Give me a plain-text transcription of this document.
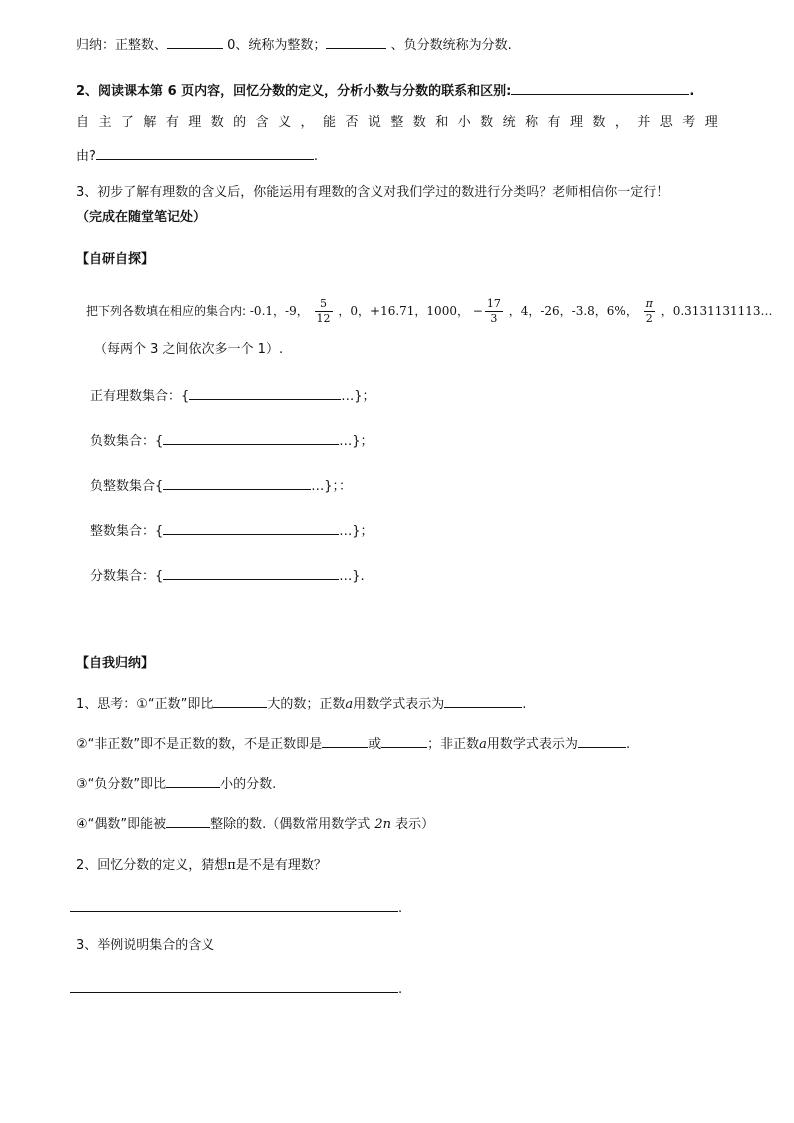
归纳：正整数、	0、统称为整数；	、负分数统称为分数.
2、阅读课本第 6 页内容，回忆分数的定义，分析小数与分数的联系和区别:	.
自 主 了 解 有 理 数 的 含 义 ， 能 否 说 整 数 和 小 数 统 称 有 理 数 ， 并 思 考 理
由?	.
3、初步了解有理数的含义后，你能运用有理数的含义对我们学过的数进行分类吗？老师相信你一定行！
（完成在随堂笔记处）
【自研自探】
把下列各数填在相应的集合内: -0.1，-9， $\frac{5}{12}$ ，0，+16.71，1000， − $\frac{17}{3}$ ，4，-26，-3.8，6%， $\frac{\pi}{2}$ ，0.3131131113…
（每两个 3 之间依次多一个 1）.
正有理数集合：{	…}；
负数集合：{	…}；
负整数集合{	…}；：
整数集合：{	…}；
分数集合：{	…}.
【自我归纳】
1、思考：①“正数”即比	大的数；正数a用数学式表示为	.
②“非正数”即不是正数的数，不是正数即是	或	；非正数a用数学式表示为	.
③“负分数”即比	小的分数.
④“偶数”即能被	整除的数.（偶数常用数学式 2n 表示）
2、回忆分数的定义，猜想π是不是有理数？
.
3、举例说明集合的含义
.
